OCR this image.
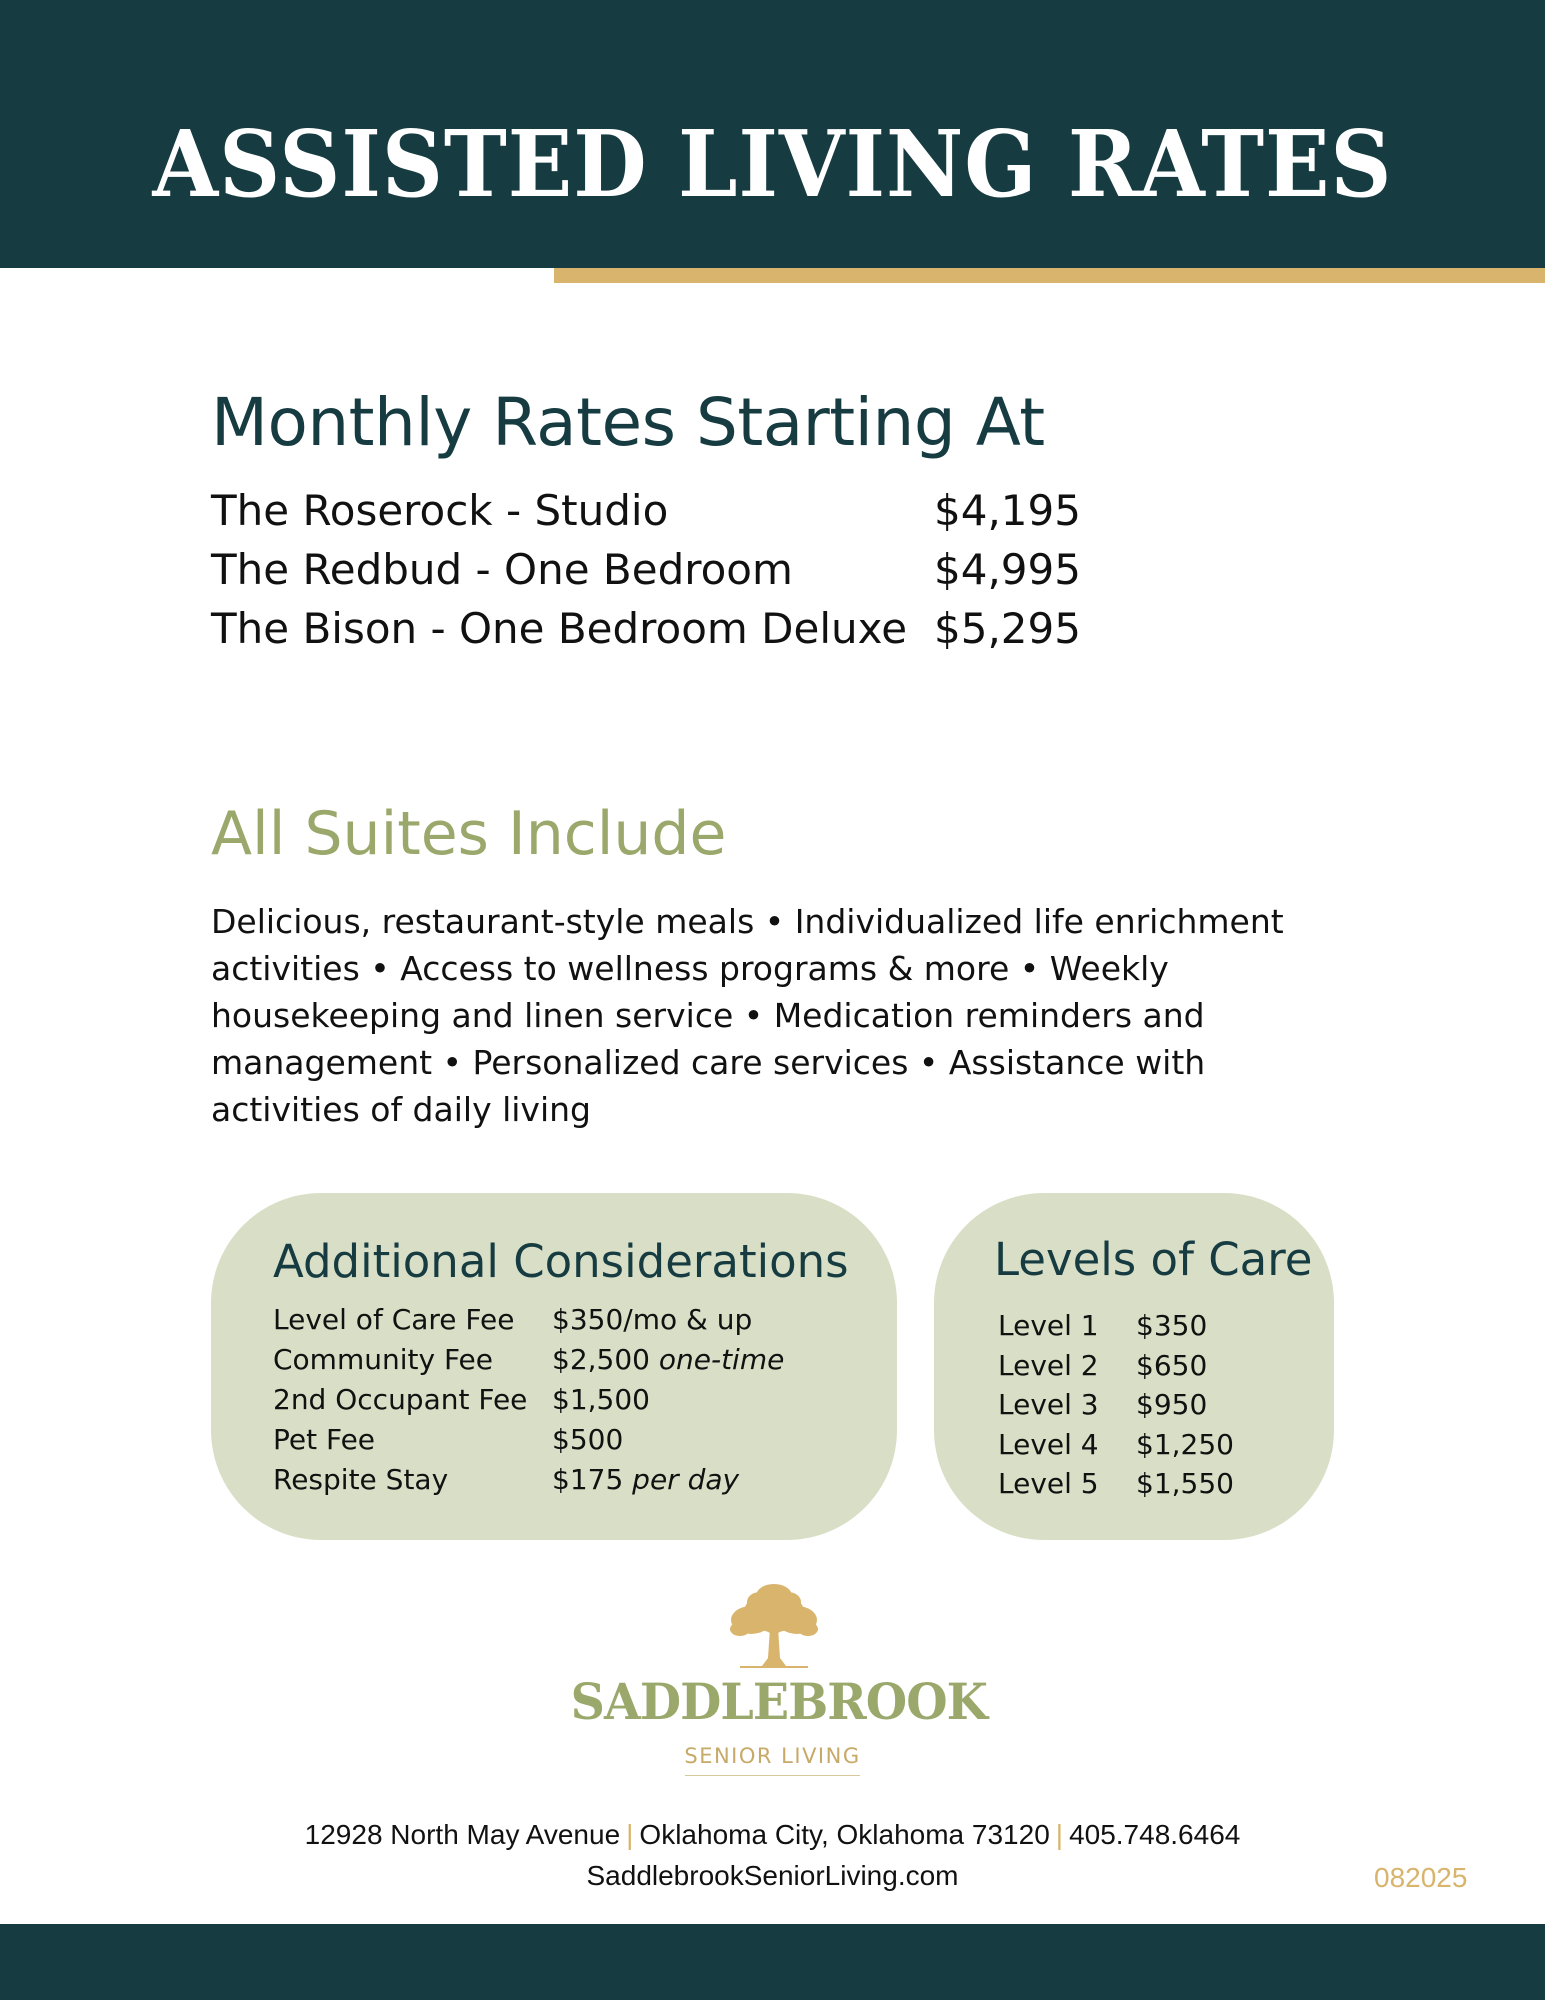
ASSISTED LIVING RATES
Monthly Rates Starting At
The Roserock - Studio	$4,195
The Redbud - One Bedroom	$4,995
The Bison - One Bedroom Deluxe $5,295
All Suites Include
Delicious, restaurant-style meals • Individualized life enrichment activities • Access to wellness programs & more • Weekly housekeeping and linen service • Medication reminders and management • Personalized care services • Assistance with activities of daily living
Additional Considerations
Level of Care Fee $350/mo & up
Community Fee $2,500 one-time
2nd Occupant Fee $1,500
Pet Fee	$500
Respite Stay	$175 per day
Levels of Care
Level 1 $350
Level 2 $650
Level 3 $950
Level 4 $1,250
Level 5 $1,550
SADDLEBROOK
SENIOR LIVING
12928 North May Avenue | Oklahoma City, Oklahoma 73120 | 405.748.6464
SaddlebrookSeniorLiving.com	082025
